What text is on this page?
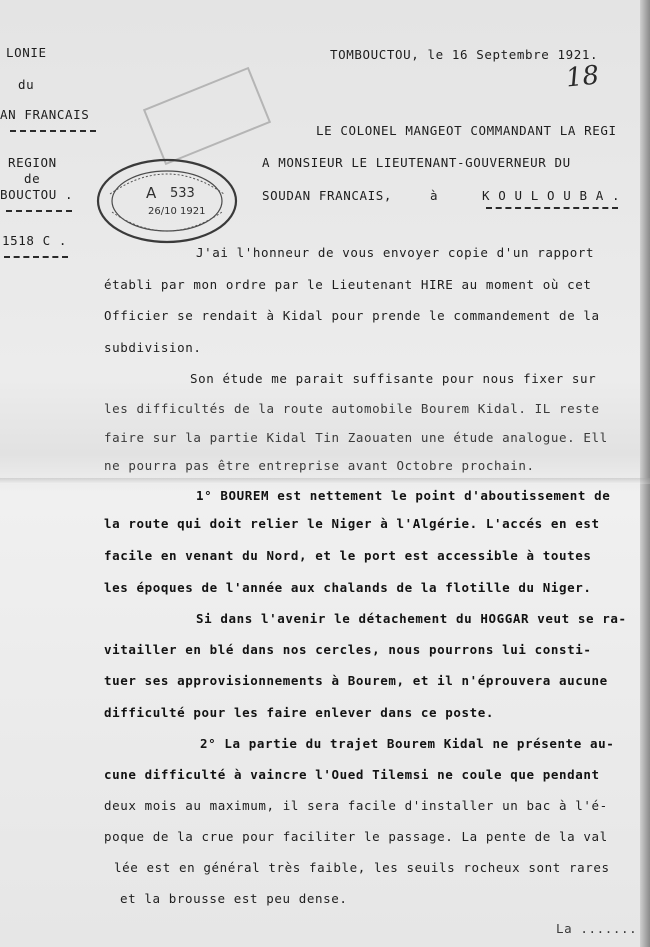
LONIE
du
AN FRANCAIS
REGION
de
BOUCTOU .
1518 C .
TOMBOUCTOU, le 16 Septembre 1921.
18
LE COLONEL MANGEOT COMMANDANT LA REGI
A MONSIEUR LE LIEUTENANT-GOUVERNEUR DU
SOUDAN FRANCAIS,	à	K O U L O U B A .
A 533
26/10 1921
J'ai l'honneur de vous envoyer copie d'un rapport
établi par mon ordre par le Lieutenant HIRE au moment où cet
Officier se rendait à Kidal pour prende le commandement de la
subdivision.
Son étude me parait suffisante pour nous fixer sur
les difficultés de la route automobile Bourem Kidal. IL reste
faire sur la partie Kidal Tin Zaouaten une étude analogue. Ell
ne pourra pas être entreprise avant Octobre prochain.
1° BOUREM est nettement le point d'aboutissement de
la route qui doit relier le Niger à l'Algérie. L'accés en est
facile en venant du Nord, et le port est accessible à toutes
les époques de l'année aux chalands de la flotille du Niger.
Si dans l'avenir le détachement du HOGGAR veut se ra-
vitailler en blé dans nos cercles, nous pourrons lui consti-
tuer ses approvisionnements à Bourem, et il n'éprouvera aucune
difficulté pour les faire enlever dans ce poste.
2° La partie du trajet Bourem Kidal ne présente au-
cune difficulté à vaincre l'Oued Tilemsi ne coule que pendant
deux mois au maximum, il sera facile d'installer un bac à l'é-
poque de la crue pour faciliter le passage. La pente de la val
lée est en général très faible, les seuils rocheux sont rares
et la brousse est peu dense.
La .......
